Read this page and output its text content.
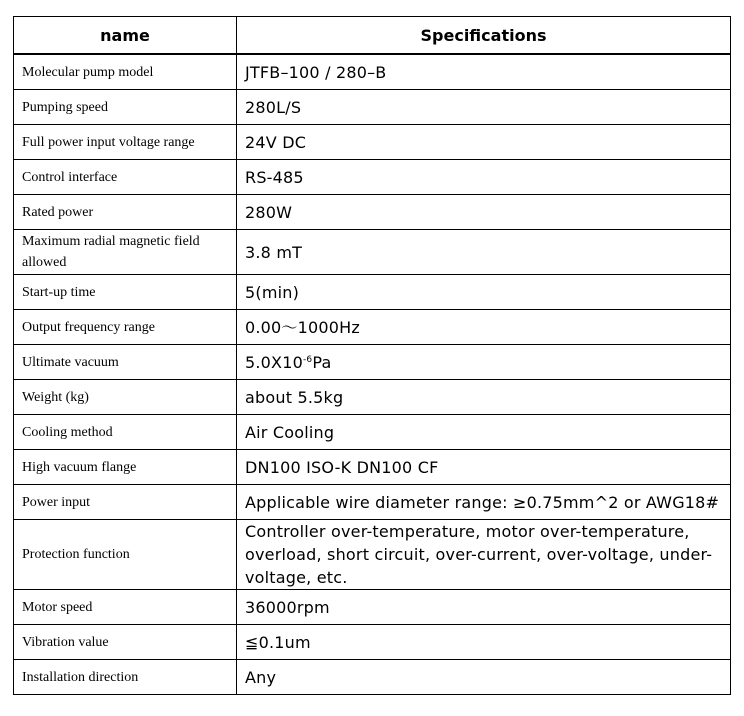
name	Specifications
Molecular pump model	JTFB–100 / 280–B
Pumping speed	280L/S
Full power input voltage range	24V DC
Control interface	RS-485
Rated power	280W
Maximum radial magnetic field allowed	3.8 mT
Start-up time	5(min)
Output frequency range	0.00～1000Hz
Ultimate vacuum	$5.0X10^{-6}Pa$
Weight (kg)	about 5.5kg
Cooling method	Air Cooling
High vacuum flange	DN100 ISO-K DN100 CF
Power input	Applicable wire diameter range: ≥0.75mm^2 or AWG18#
Protection function	Controller over-temperature, motor over-temperature, overload, short circuit, over-current, over-voltage, under-voltage, etc.
Motor speed	36000rpm
Vibration value	≦0.1um
Installation direction	Any
